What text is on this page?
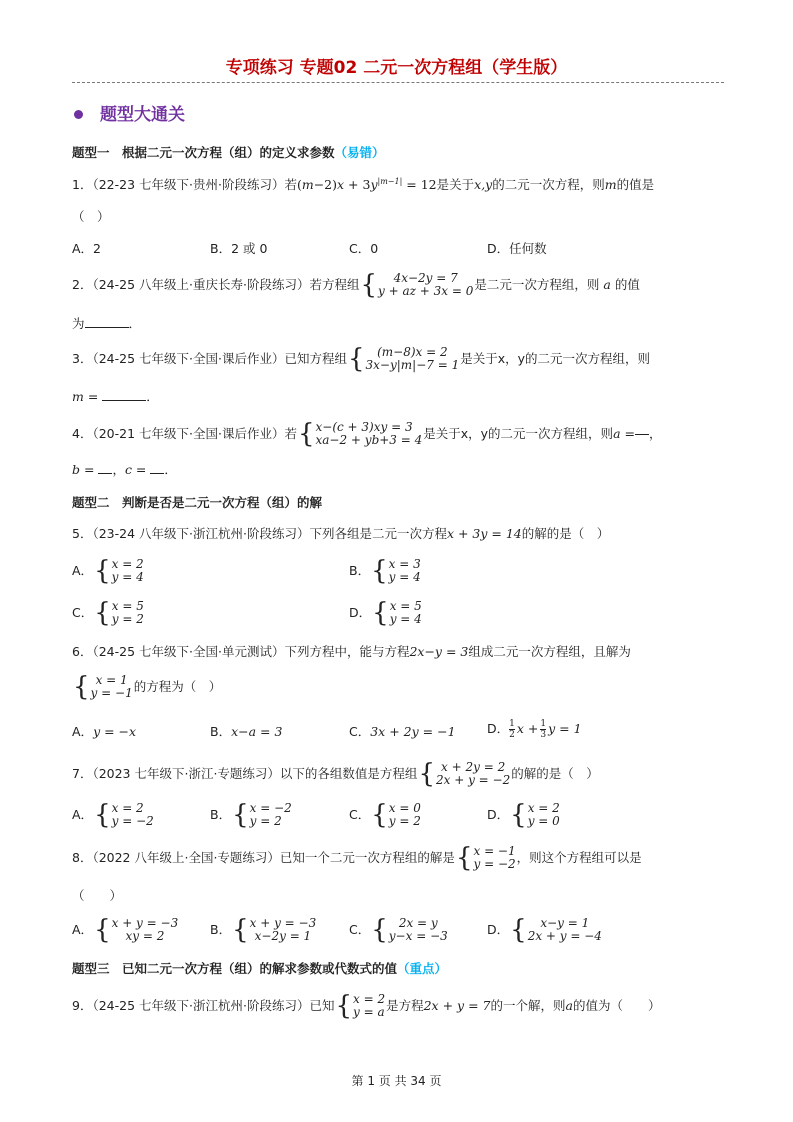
专项练习 专题02 二元一次方程组（学生版）
题型大通关
题型一　根据二元一次方程（组）的定义求参数（易错）
1．（22-23 七年级下·贵州·阶段练习）若$(m-2)x + 3y^{|m-1|} = 12$是关于x,y的二元一次方程，则m的值是
（　）
A．2	B．2 或 0	C．0	D．任何数
2．（24-25 八年级上·重庆长寿·阶段练习）若方程组 {	4x−2y = 7
y + az + 3x = 0 是二元一次方程组，则 a 的值
为	．
3．（24-25 七年级下·全国·课后作业）已知方程组 {	(m−8)x = 2
3x−y|m|−7 = 1 是关于x，y的二元一次方程组，则
m =	．
4．（20-21 七年级下·全国·课后作业）若 { x−(c + 3)xy = 3
xa−2 + yb+3 = 4 是关于x，y的二元一次方程组，则 a = ，
b = ，c = ．
题型二　判断是否是二元一次方程（组）的解
5．（23-24 八年级下·浙江杭州·阶段练习）下列各组是二元一次方程x + 3y = 14的解的是（　）
A． { x = 2
y = 4	B． { x = 3
y = 4
C． { x = 5
y = 2	D． { x = 5
y = 4
6．（24-25 七年级下·全国·单元测试）下列方程中，能与方程2x−y = 3组成二元一次方程组，且解为
{ x = 1
y = −1 的方程为（　）
A．y = −x	B．x−a = 3	C．3x + 2y = −1	D． $\frac{1}{2}$ $x + \frac{1}{3}$ y = 1
7．（2023 七年级下·浙江·专题练习）以下的各组数值是方程组 { x + 2y = 2
2x + y = −2 的解的是（　）
A． { x = 2
y = −2	B． { x = −2
y = 2	C． { x = 0
y = 2	D． { x = 2
y = 0
8．（2022 八年级上·全国·专题练习）已知一个二元一次方程组的解是 { x = −1
y = −2 ，则这个方程组可以是
（　　）
A． { x + y = −3
xy = 2	B． { x + y = −3
x−2y = 1	C． { 2x = y
y−x = −3	D． {	x−y = 1
2x + y = −4
题型三　已知二元一次方程（组）的解求参数或代数式的值（重点）
9．（24-25 七年级下·浙江杭州·阶段练习）已知 { x = 2
y = a 是方程 2x + y = 7 的一个解，则 a 的值为（　　）
第 1 页 共 34 页
